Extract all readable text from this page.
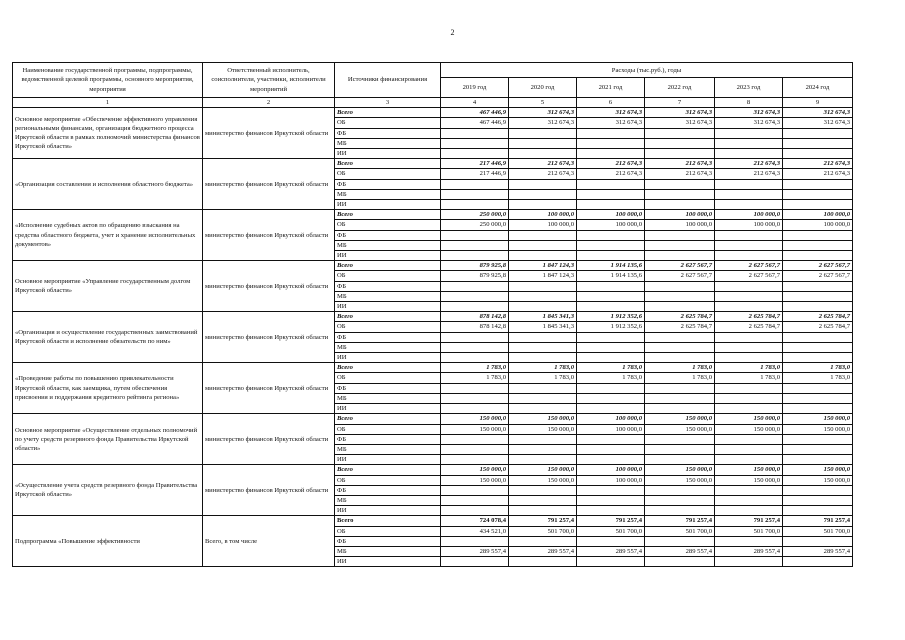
2
Наименование государственной программы, подпрограммы, ведомственной целевой программы, основного мероприятия, мероприятия	Ответственный исполнитель, соисполнители, участники, исполнители мероприятий	Источники финансирования	Расходы (тыс.руб.), годы					
			2019 год	2020 год	2021 год	2022 год	2023 год	2024 год
1	2	3	4	5	6	7	8	9
Основное мероприятие «Обеспечение эффективного управления региональными финансами, организация бюджетного процесса Иркутской области в рамках полномочий министерства финансов Иркутской области»	министерство финансов Иркутской области	Всего	467 446,9	312 674,3	312 674,3	312 674,3	312 674,3	312 674,3
		ОБ	467 446,9	312 674,3	312 674,3	312 674,3	312 674,3	312 674,3
		ФБ						
		МБ						
		ИИ						
«Организация составления и исполнения областного бюджета»	министерство финансов Иркутской области	Всего	217 446,9	212 674,3	212 674,3	212 674,3	212 674,3	212 674,3
		ОБ	217 446,9	212 674,3	212 674,3	212 674,3	212 674,3	212 674,3
		ФБ						
		МБ						
		ИИ						
«Исполнение судебных актов по обращению взыскания на средства областного бюджета, учет и хранение исполнительных документов»	министерство финансов Иркутской области	Всего	250 000,0	100 000,0	100 000,0	100 000,0	100 000,0	100 000,0
		ОБ	250 000,0	100 000,0	100 000,0	100 000,0	100 000,0	100 000,0
		ФБ						
		МБ						
		ИИ						
Основное мероприятие «Управление государственным долгом Иркутской области»	министерство финансов Иркутской области	Всего	879 925,8	1 847 124,3	1 914 135,6	2 627 567,7	2 627 567,7	2 627 567,7
		ОБ	879 925,8	1 847 124,3	1 914 135,6	2 627 567,7	2 627 567,7	2 627 567,7
		ФБ						
		МБ						
		ИИ						
«Организация и осуществление государственных заимствований Иркутской области и исполнение обязательств по ним»	министерство финансов Иркутской области	Всего	878 142,8	1 845 341,3	1 912 352,6	2 625 784,7	2 625 784,7	2 625 784,7
		ОБ	878 142,8	1 845 341,3	1 912 352,6	2 625 784,7	2 625 784,7	2 625 784,7
		ФБ						
		МБ						
		ИИ						
«Проведение работы по повышению привлекательности Иркутской области, как заемщика, путем обеспечения присвоения и поддержания кредитного рейтинга региона»	министерство финансов Иркутской области	Всего	1 783,0	1 783,0	1 783,0	1 783,0	1 783,0	1 783,0
		ОБ	1 783,0	1 783,0	1 783,0	1 783,0	1 783,0	1 783,0
		ФБ						
		МБ						
		ИИ						
Основное мероприятие «Осуществление отдельных полномочий по учету средств резервного фонда Правительства Иркутской области»	министерство финансов Иркутской области	Всего	150 000,0	150 000,0	100 000,0	150 000,0	150 000,0	150 000,0
		ОБ	150 000,0	150 000,0	100 000,0	150 000,0	150 000,0	150 000,0
		ФБ						
		МБ						
		ИИ						
«Осуществление учета средств резервного фонда Правительства Иркутской области»	министерство финансов Иркутской области	Всего	150 000,0	150 000,0	100 000,0	150 000,0	150 000,0	150 000,0
		ОБ	150 000,0	150 000,0	100 000,0	150 000,0	150 000,0	150 000,0
		ФБ						
		МБ						
		ИИ						
Подпрограмма «Повышение эффективности	Всего, в том числе	Всего	724 078,4	791 257,4	791 257,4	791 257,4	791 257,4	791 257,4
		ОБ	434 521,0	501 700,0	501 700,0	501 700,0	501 700,0	501 700,0
		ФБ						
		МБ	289 557,4	289 557,4	289 557,4	289 557,4	289 557,4	289 557,4
		ИИ						
